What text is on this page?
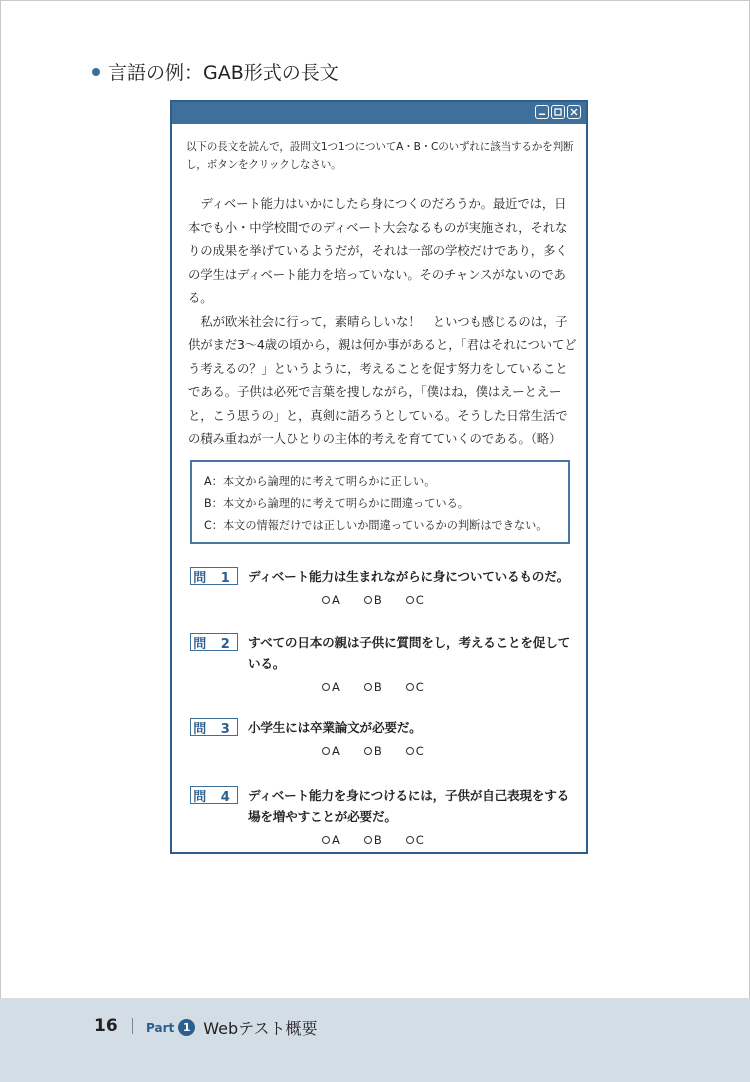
言語の例：GAB形式の長文
以下の長文を読んで，設問文1つ1つについてA・B・Cのいずれに該当するかを判断し，ボタンをクリックしなさい。

ディベート能力はいかにしたら身につくのだろうか。最近では，日本でも小・中学校間でのディベート大会なるものが実施され，それなりの成果を挙げているようだが，それは一部の学校だけであり，多くの学生はディベート能力を培っていない。そのチャンスがないのである。

私が欧米社会に行って，素晴らしいな！　といつも感じるのは，子供がまだ3～4歳の頃から，親は何か事があると，「君はそれについてどう考えるの？」というように，考えることを促す努力をしていることである。子供は必死で言葉を捜しながら，「僕はね，僕はえーとえーと，こう思うの」と，真剣に語ろうとしている。そうした日常生活での積み重ねが一人ひとりの主体的考えを育てていくのである。（略）

A：本文から論理的に考えて明らかに正しい。
B：本文から論理的に考えて明らかに間違っている。
C：本文の情報だけでは正しいか間違っているかの判断はできない。
問 1 ディベート能力は生まれながらに身についているものだ。
A	B	C
問 2 すべての日本の親は子供に質問をし，考えることを促している。
A	B	C
問 3 小学生には卒業論文が必要だ。
A	B	C
問 4 ディベート能力を身につけるには，子供が自己表現をする場を増やすことが必要だ。
A	B	C
16 Part 1 Webテスト概要
